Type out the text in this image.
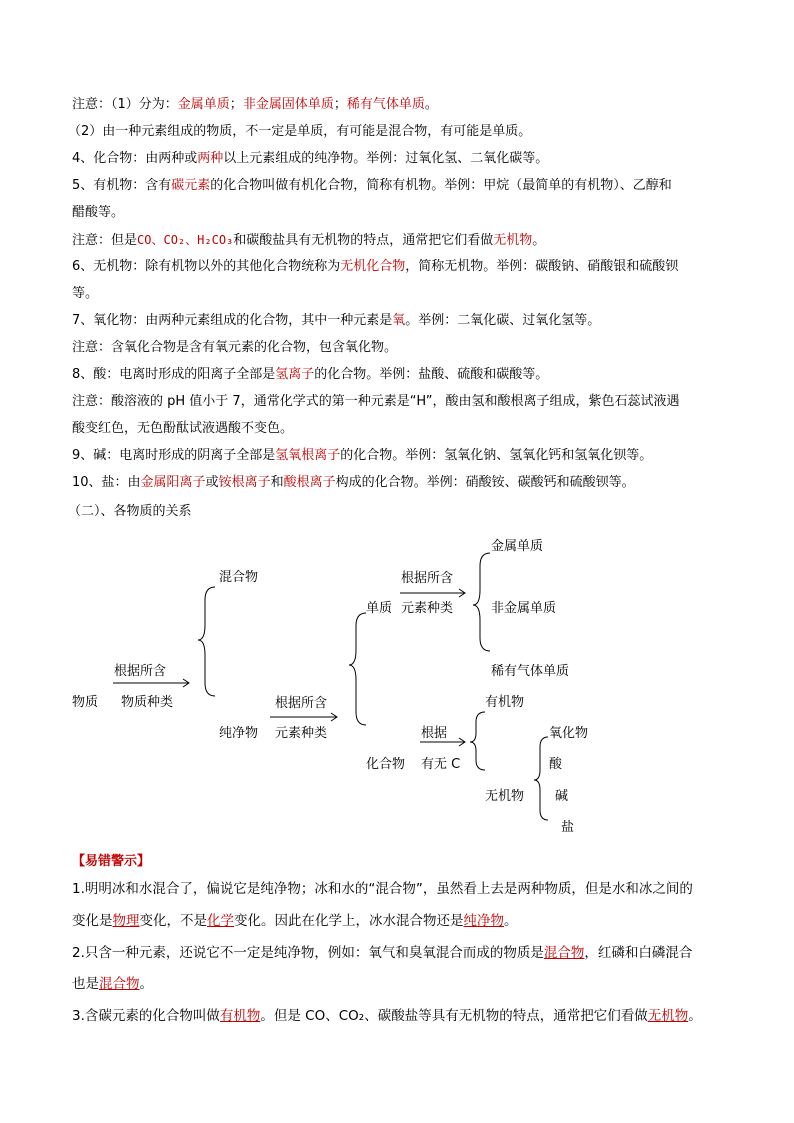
注意：（1）分为：金属单质；非金属固体单质；稀有气体单质。
（2）由一种元素组成的物质，不一定是单质，有可能是混合物，有可能是单质。
4、化合物：由两种或两种以上元素组成的纯净物。举例：过氧化氢、二氧化碳等。
5、有机物：含有碳元素的化合物叫做有机化合物，简称有机物。举例：甲烷（最简单的有机物）、乙醇和
醋酸等。
注意：但是CO、CO₂、H₂CO₃和碳酸盐具有无机物的特点，通常把它们看做无机物。
6、无机物：除有机物以外的其他化合物统称为无机化合物，简称无机物。举例：碳酸钠、硝酸银和硫酸钡
等。
7、氧化物：由两种元素组成的化合物，其中一种元素是氧。举例：二氧化碳、过氧化氢等。
注意：含氧化合物是含有氧元素的化合物，包含氧化物。
8、酸：电离时形成的阳离子全部是氢离子的化合物。举例：盐酸、硫酸和碳酸等。
注意：酸溶液的 pH 值小于 7，通常化学式的第一种元素是“H”，酸由氢和酸根离子组成，紫色石蕊试液遇
酸变红色，无色酚酞试液遇酸不变色。
9、碱：电离时形成的阴离子全部是氢氧根离子的化合物。举例：氢氧化钠、氢氧化钙和氢氧化钡等。
10、盐：由金属阳离子或铵根离子和酸根离子构成的化合物。举例：硝酸铵、碳酸钙和硫酸钡等。
（二）、各物质的关系
物质
根据所含
物质种类
混合物
纯净物
根据所含
元素种类
单质
根据所含
元素种类
金属单质
非金属单质
稀有气体单质
化合物
根据
有无 C
有机物
无机物
氧化物
酸
碱
盐
【易错警示】
1.明明冰和水混合了，偏说它是纯净物；冰和水的“混合物”，虽然看上去是两种物质，但是水和冰之间的
变化是物理变化，不是化学变化。因此在化学上，冰水混合物还是纯净物。
2.只含一种元素，还说它不一定是纯净物，例如：氧气和臭氧混合而成的物质是混合物，红磷和白磷混合
也是混合物。
3.含碳元素的化合物叫做有机物。但是 CO、CO₂、碳酸盐等具有无机物的特点，通常把它们看做无机物。
